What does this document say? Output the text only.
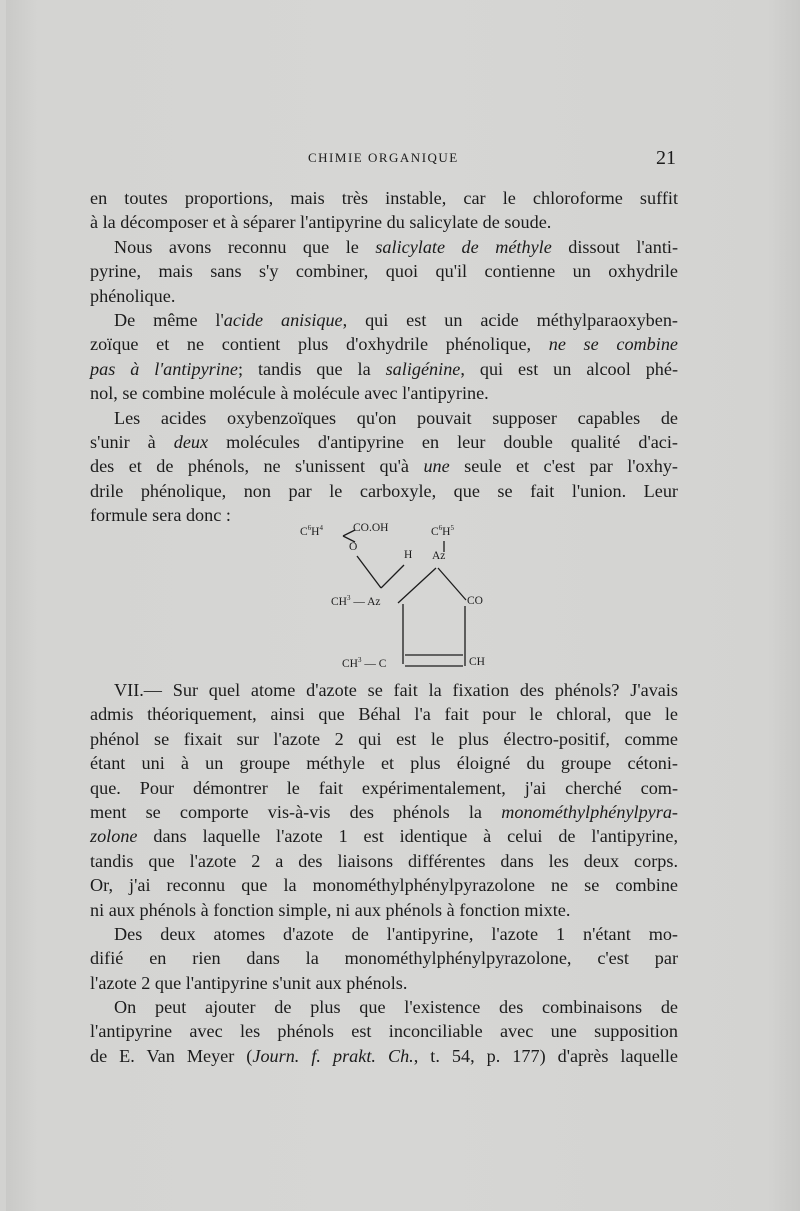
CHIMIE ORGANIQUE	21
en toutes proportions, mais très instable, car le chloroforme suffit
à la décomposer et à séparer l'antipyrine du salicylate de soude.
Nous avons reconnu que le salicylate de méthyle dissout l'anti-
pyrine, mais sans s'y combiner, quoi qu'il contienne un oxhydrile
phénolique.
De même l'acide anisique, qui est un acide méthylparaoxyben-
zoïque et ne contient plus d'oxhydrile phénolique, ne se combine
pas à l'antipyrine; tandis que la saligénine, qui est un alcool phé-
nol, se combine molécule à molécule avec l'antipyrine.
Les acides oxybenzoïques qu'on pouvait supposer capables de
s'unir à deux molécules d'antipyrine en leur double qualité d'aci-
des et de phénols, ne s'unissent qu'à une seule et c'est par l'oxhy-
drile phénolique, non par le carboxyle, que se fait l'union. Leur
formule sera donc :
$C^6H^4$	CO.OH
O
$C^6H^5$
H Az
$CH^3$ — Az	CO
$CH^3$ — C	CH
VII.— Sur quel atome d'azote se fait la fixation des phénols? J'avais
admis théoriquement, ainsi que Béhal l'a fait pour le chloral, que le
phénol se fixait sur l'azote 2 qui est le plus électro-positif, comme
étant uni à un groupe méthyle et plus éloigné du groupe cétoni-
que. Pour démontrer le fait expérimentalement, j'ai cherché com-
ment se comporte vis-à-vis des phénols la monométhylphénylpyra-
zolone dans laquelle l'azote 1 est identique à celui de l'antipyrine,
tandis que l'azote 2 a des liaisons différentes dans les deux corps.
Or, j'ai reconnu que la monométhylphénylpyrazolone ne se combine
ni aux phénols à fonction simple, ni aux phénols à fonction mixte.
Des deux atomes d'azote de l'antipyrine, l'azote 1 n'étant mo-
difié en rien dans la monométhylphénylpyrazolone, c'est par
l'azote 2 que l'antipyrine s'unit aux phénols.
On peut ajouter de plus que l'existence des combinaisons de
l'antipyrine avec les phénols est inconciliable avec une supposition
de E. Van Meyer (Journ. f. prakt. Ch., t. 54, p. 177) d'après laquelle
